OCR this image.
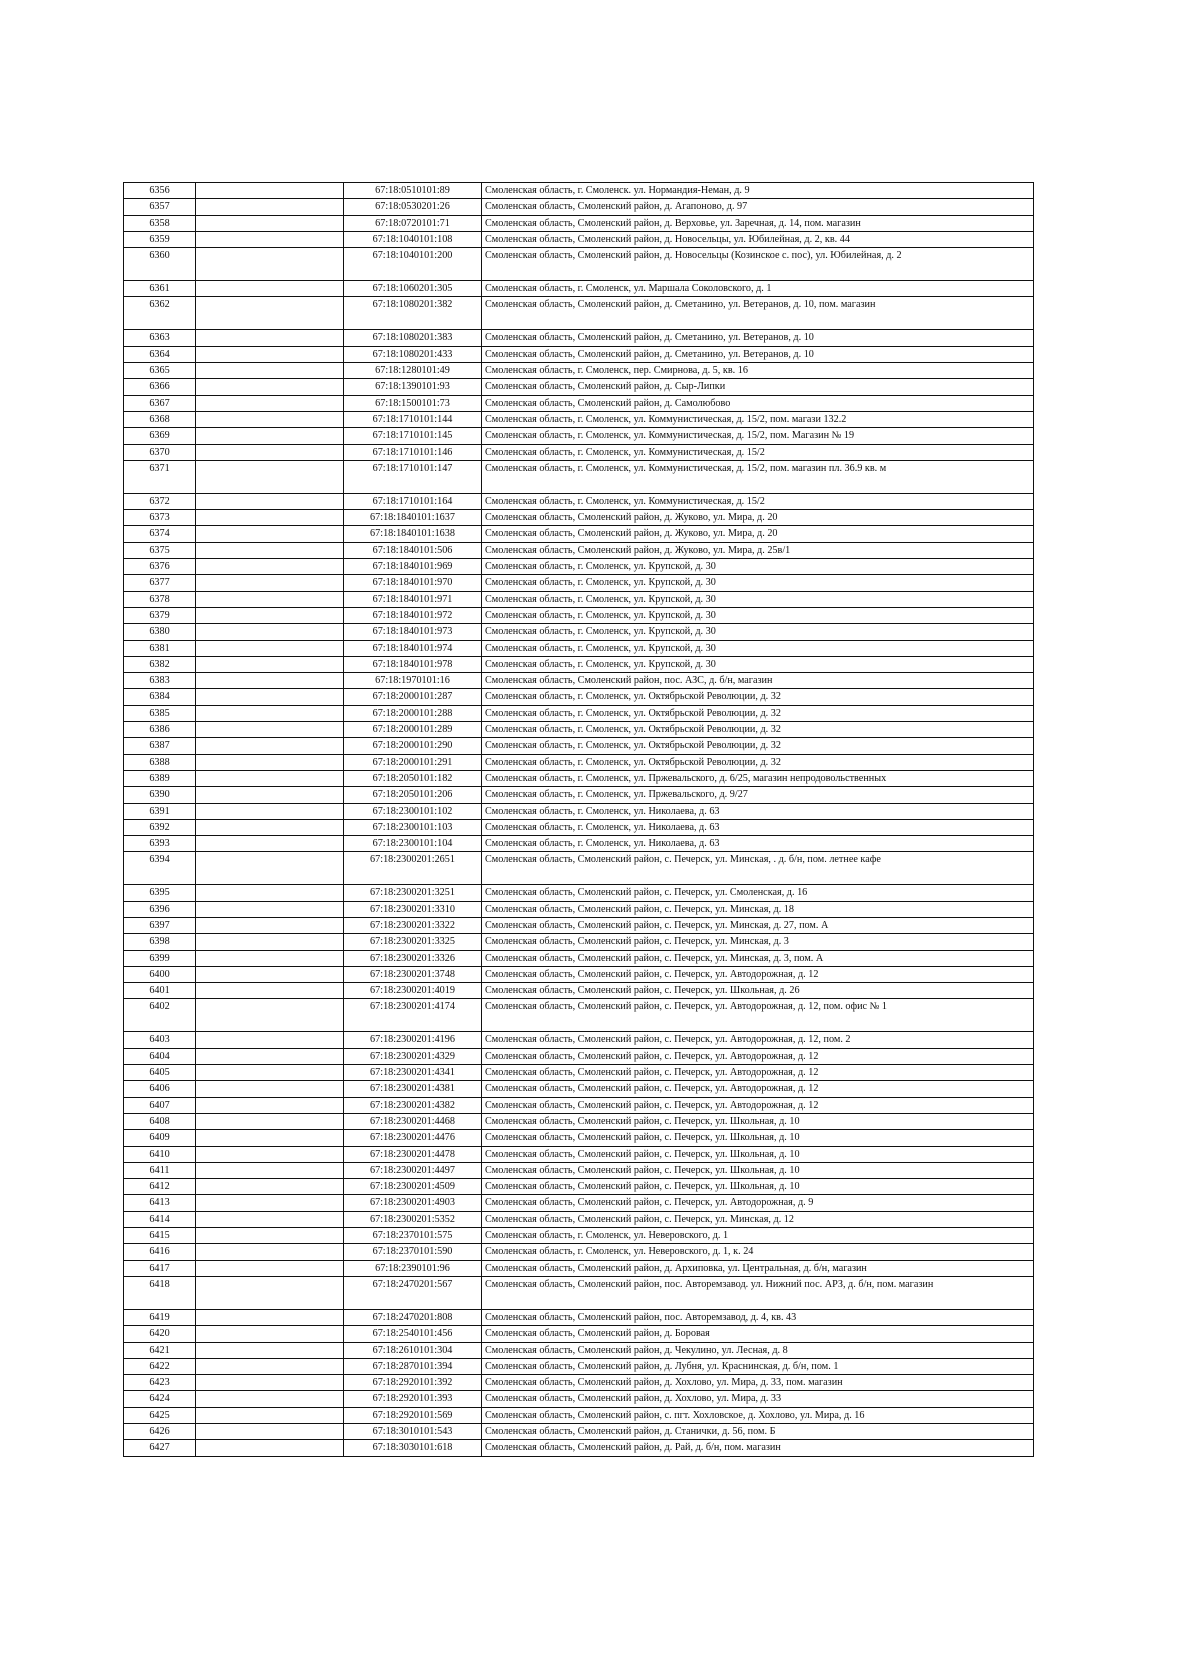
6356		67:18:0510101:89	Смоленская область, г. Смоленск. ул. Нормандия-Неман, д. 9
6357		67:18:0530201:26	Смоленская область, Смоленский район, д. Агапоново, д. 97
6358		67:18:0720101:71	Смоленская область, Смоленский район, д. Верховье, ул. Заречная, д. 14, пом. магазин
6359		67:18:1040101:108	Смоленская область, Смоленский район, д. Новосельцы, ул. Юбилейная, д. 2, кв. 44
6360		67:18:1040101:200	Смоленская область, Смоленский район, д. Новосельцы (Козинское с. пос), ул. Юбилейная, д. 2
6361		67:18:1060201:305	Смоленская область, г. Смоленск, ул. Маршала Соколовского, д. 1
6362		67:18:1080201:382	Смоленская область, Смоленский район, д. Сметанино, ул. Ветеранов, д. 10, пом. магазин
6363		67:18:1080201:383	Смоленская область, Смоленский район, д. Сметанино, ул. Ветеранов, д. 10
6364		67:18:1080201:433	Смоленская область, Смоленский район, д. Сметанино, ул. Ветеранов, д. 10
6365		67:18:1280101:49	Смоленская область, г. Смоленск, пер. Смирнова, д. 5, кв. 16
6366		67:18:1390101:93	Смоленская область, Смоленский район, д. Сыр-Липки
6367		67:18:1500101:73	Смоленская область, Смоленский район, д. Самолюбово
6368		67:18:1710101:144	Смоленская область, г. Смоленск, ул. Коммунистическая, д. 15/2, пом. магази 132.2
6369		67:18:1710101:145	Смоленская область, г. Смоленск, ул. Коммунистическая, д. 15/2, пом. Магазин № 19
6370		67:18:1710101:146	Смоленская область, г. Смоленск, ул. Коммунистическая, д. 15/2
6371		67:18:1710101:147	Смоленская область, г. Смоленск, ул. Коммунистическая, д. 15/2, пом. магазин пл. 36.9 кв. м
6372		67:18:1710101:164	Смоленская область, г. Смоленск, ул. Коммунистическая, д. 15/2
6373		67:18:1840101:1637	Смоленская область, Смоленский район, д. Жуково, ул. Мира, д. 20
6374		67:18:1840101:1638	Смоленская область, Смоленский район, д. Жуково, ул. Мира, д. 20
6375		67:18:1840101:506	Смоленская область, Смоленский район, д. Жуково, ул. Мира, д. 25в/1
6376		67:18:1840101:969	Смоленская область, г. Смоленск, ул. Крупской, д. 30
6377		67:18:1840101:970	Смоленская область, г. Смоленск, ул. Крупской, д. 30
6378		67:18:1840101:971	Смоленская область, г. Смоленск, ул. Крупской, д. 30
6379		67:18:1840101:972	Смоленская область, г. Смоленск, ул. Крупской, д. 30
6380		67:18:1840101:973	Смоленская область, г. Смоленск, ул. Крупской, д. 30
6381		67:18:1840101:974	Смоленская область, г. Смоленск, ул. Крупской, д. 30
6382		67:18:1840101:978	Смоленская область, г. Смоленск, ул. Крупской, д. 30
6383		67:18:1970101:16	Смоленская область, Смоленский район, пос. АЗС, д. б/н, магазин
6384		67:18:2000101:287	Смоленская область, г. Смоленск, ул. Октябрьской Революции, д. 32
6385		67:18:2000101:288	Смоленская область, г. Смоленск, ул. Октябрьской Революции, д. 32
6386		67:18:2000101:289	Смоленская область, г. Смоленск, ул. Октябрьской Революции, д. 32
6387		67:18:2000101:290	Смоленская область, г. Смоленск, ул. Октябрьской Революции, д. 32
6388		67:18:2000101:291	Смоленская область, г. Смоленск, ул. Октябрьской Революции, д. 32
6389		67:18:2050101:182	Смоленская область, г. Смоленск, ул. Пржевальского, д. 6/25, магазин непродовольственных
6390		67:18:2050101:206	Смоленская область, г. Смоленск, ул. Пржевальского, д. 9/27
6391		67:18:2300101:102	Смоленская область, г. Смоленск, ул. Николаева, д. 63
6392		67:18:2300101:103	Смоленская область, г. Смоленск, ул. Николаева, д. 63
6393		67:18:2300101:104	Смоленская область, г. Смоленск, ул. Николаева, д. 63
6394		67:18:2300201:2651	Смоленская область, Смоленский район, с. Печерск, ул. Минская, . д. б/н, пом. летнее кафе
6395		67:18:2300201:3251	Смоленская область, Смоленский район, с. Печерск, ул. Смоленская, д. 16
6396		67:18:2300201:3310	Смоленская область, Смоленский район, с. Печерск, ул. Минская, д. 18
6397		67:18:2300201:3322	Смоленская область, Смоленский район, с. Печерск, ул. Минская, д. 27, пом. А
6398		67:18:2300201:3325	Смоленская область, Смоленский район, с. Печерск, ул. Минская, д. 3
6399		67:18:2300201:3326	Смоленская область, Смоленский район, с. Печерск, ул. Минская, д. 3, пом. А
6400		67:18:2300201:3748	Смоленская область, Смоленский район, с. Печерск, ул. Автодорожная, д. 12
6401		67:18:2300201:4019	Смоленская область, Смоленский район, с. Печерск, ул. Школьная, д. 26
6402		67:18:2300201:4174	Смоленская область, Смоленский район, с. Печерск, ул. Автодорожная, д. 12, пом. офис № 1
6403		67:18:2300201:4196	Смоленская область, Смоленский район, с. Печерск, ул. Автодорожная, д. 12, пом. 2
6404		67:18:2300201:4329	Смоленская область, Смоленский район, с. Печерск, ул. Автодорожная, д. 12
6405		67:18:2300201:4341	Смоленская область, Смоленский район, с. Печерск, ул. Автодорожная, д. 12
6406		67:18:2300201:4381	Смоленская область, Смоленский район, с. Печерск, ул. Автодорожная, д. 12
6407		67:18:2300201:4382	Смоленская область, Смоленский район, с. Печерск, ул. Автодорожная, д. 12
6408		67:18:2300201:4468	Смоленская область, Смоленский район, с. Печерск, ул. Школьная, д. 10
6409		67:18:2300201:4476	Смоленская область, Смоленский район, с. Печерск, ул. Школьная, д. 10
6410		67:18:2300201:4478	Смоленская область, Смоленский район, с. Печерск, ул. Школьная, д. 10
6411		67:18:2300201:4497	Смоленская область, Смоленский район, с. Печерск, ул. Школьная, д. 10
6412		67:18:2300201:4509	Смоленская область, Смоленский район, с. Печерск, ул. Школьная, д. 10
6413		67:18:2300201:4903	Смоленская область, Смоленский район, с. Печерск, ул. Автодорожная, д. 9
6414		67:18:2300201:5352	Смоленская область, Смоленский район, с. Печерск, ул. Минская, д. 12
6415		67:18:2370101:575	Смоленская область, г. Смоленск, ул. Неверовского, д. 1
6416		67:18:2370101:590	Смоленская область, г. Смоленск, ул. Неверовского, д. 1, к. 24
6417		67:18:2390101:96	Смоленская область, Смоленский район, д. Архиповка, ул. Центральная, д. б/н, магазин
6418		67:18:2470201:567	Смоленская область, Смоленский район, пос. Авторемзавод. ул. Нижний пос. АРЗ, д. б/н, пом. магазин
6419		67:18:2470201:808	Смоленская область, Смоленский район, пос. Авторемзавод, д. 4, кв. 43
6420		67:18:2540101:456	Смоленская область, Смоленский район, д. Боровая
6421		67:18:2610101:304	Смоленская область, Смоленский район, д. Чекулино, ул. Лесная, д. 8
6422		67:18:2870101:394	Смоленская область, Смоленский район, д. Лубня, ул. Краснинская, д. б/н, пом. 1
6423		67:18:2920101:392	Смоленская область, Смоленский район, д. Хохлово, ул. Мира, д. 33, пом. магазин
6424		67:18:2920101:393	Смоленская область, Смоленский район, д. Хохлово, ул. Мира, д. 33
6425		67:18:2920101:569	Смоленская область, Смоленский район, с. пгт. Хохловское, д. Хохлово, ул. Мира, д. 16
6426		67:18:3010101:543	Смоленская область, Смоленский район, д. Станички, д. 56, пом. Б
6427		67:18:3030101:618	Смоленская область, Смоленский район, д. Рай, д. б/н, пом. магазин
